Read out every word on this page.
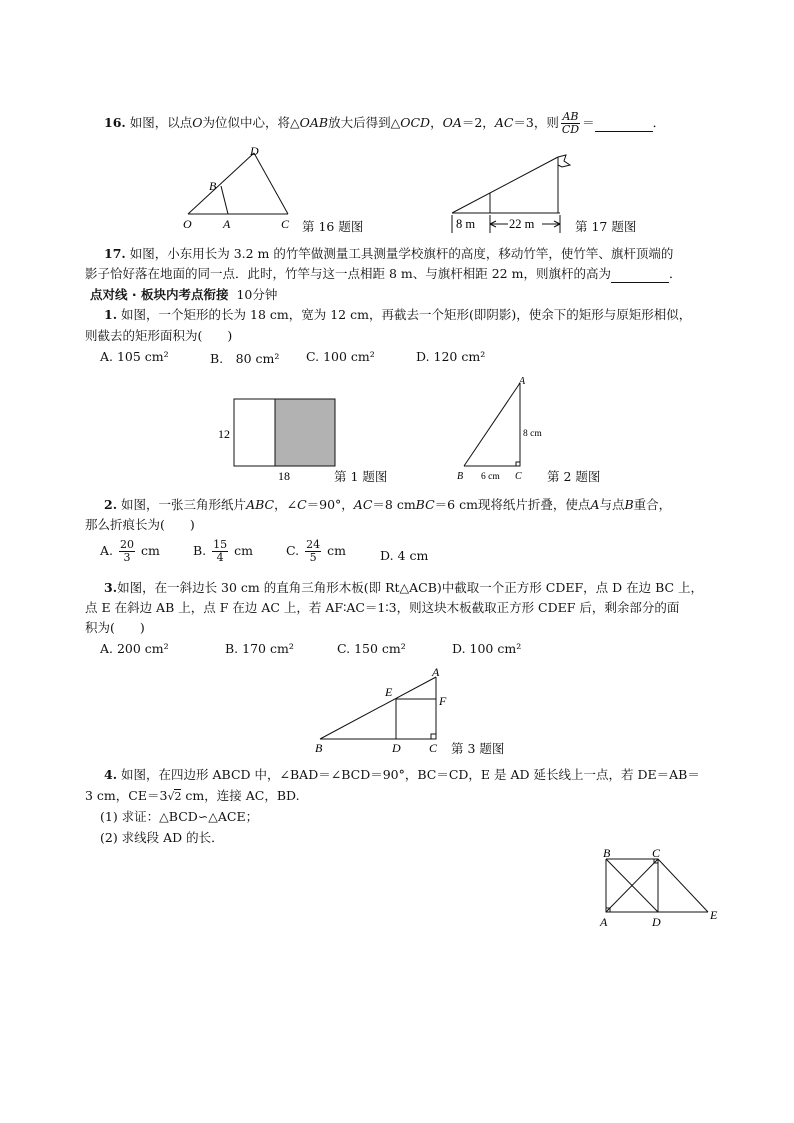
16. 如图，以点O为位似中心，将△OAB放大后得到△OCD，OA＝2，AC＝3，则 $\frac{AB}{CD}$ ＝	．
D
B
O	A	C 第 16 题图	8 m	22 m	第 17 题图
17. 如图，小东用长为 3.2 m 的竹竿做测量工具测量学校旗杆的高度，移动竹竿，使竹竿、旗杆顶端的
影子恰好落在地面的同一点．此时，竹竿与这一点相距 8 m、与旗杆相距 22 m，则旗杆的高为	．
点对线 · 板块内考点衔接 10分钟
1. 如图，一个矩形的长为 18 cm，宽为 12 cm，再截去一个矩形(即阴影)，使余下的矩形与原矩形相似，
则截去的矩形面积为(　　)
A. 105 cm²	B.　80 cm² C. 100 cm²	D. 120 cm²
12
18	第 1 题图
A
B	C
8 cm
6 cm	第 2 题图
2. 如图，一张三角形纸片ABC，∠C＝90°，AC＝8 cmBC＝6 cm现将纸片折叠，使点A与点B重合，
那么折痕长为(　　)
A. $\frac{20}{3}$ cm	B. $\frac{15}{4}$ cm	C. $\frac{24}{5}$ cm	D. 4 cm
3.如图，在一斜边长 30 cm 的直角三角形木板(即 Rt△ACB)中截取一个正方形 CDEF，点 D 在边 BC 上，
点 E 在斜边 AB 上，点 F 在边 AC 上，若 AF∶AC＝1∶3，则这块木板截取正方形 CDEF 后，剩余部分的面
积为(　　)
A. 200 cm²	B. 170 cm²	C. 150 cm²	D. 100 cm²
A
E
F
B	D C 第 3 题图
4. 如图，在四边形 ABCD 中，∠BAD＝∠BCD＝90°，BC＝CD，E 是 AD 延长线上一点，若 DE＝AB＝
3 cm，CE＝3√2 cm，连接 AC，BD.
(1) 求证：△BCD∽△ACE；
(2) 求线段 AD 的长．
B	C
A	D	E
